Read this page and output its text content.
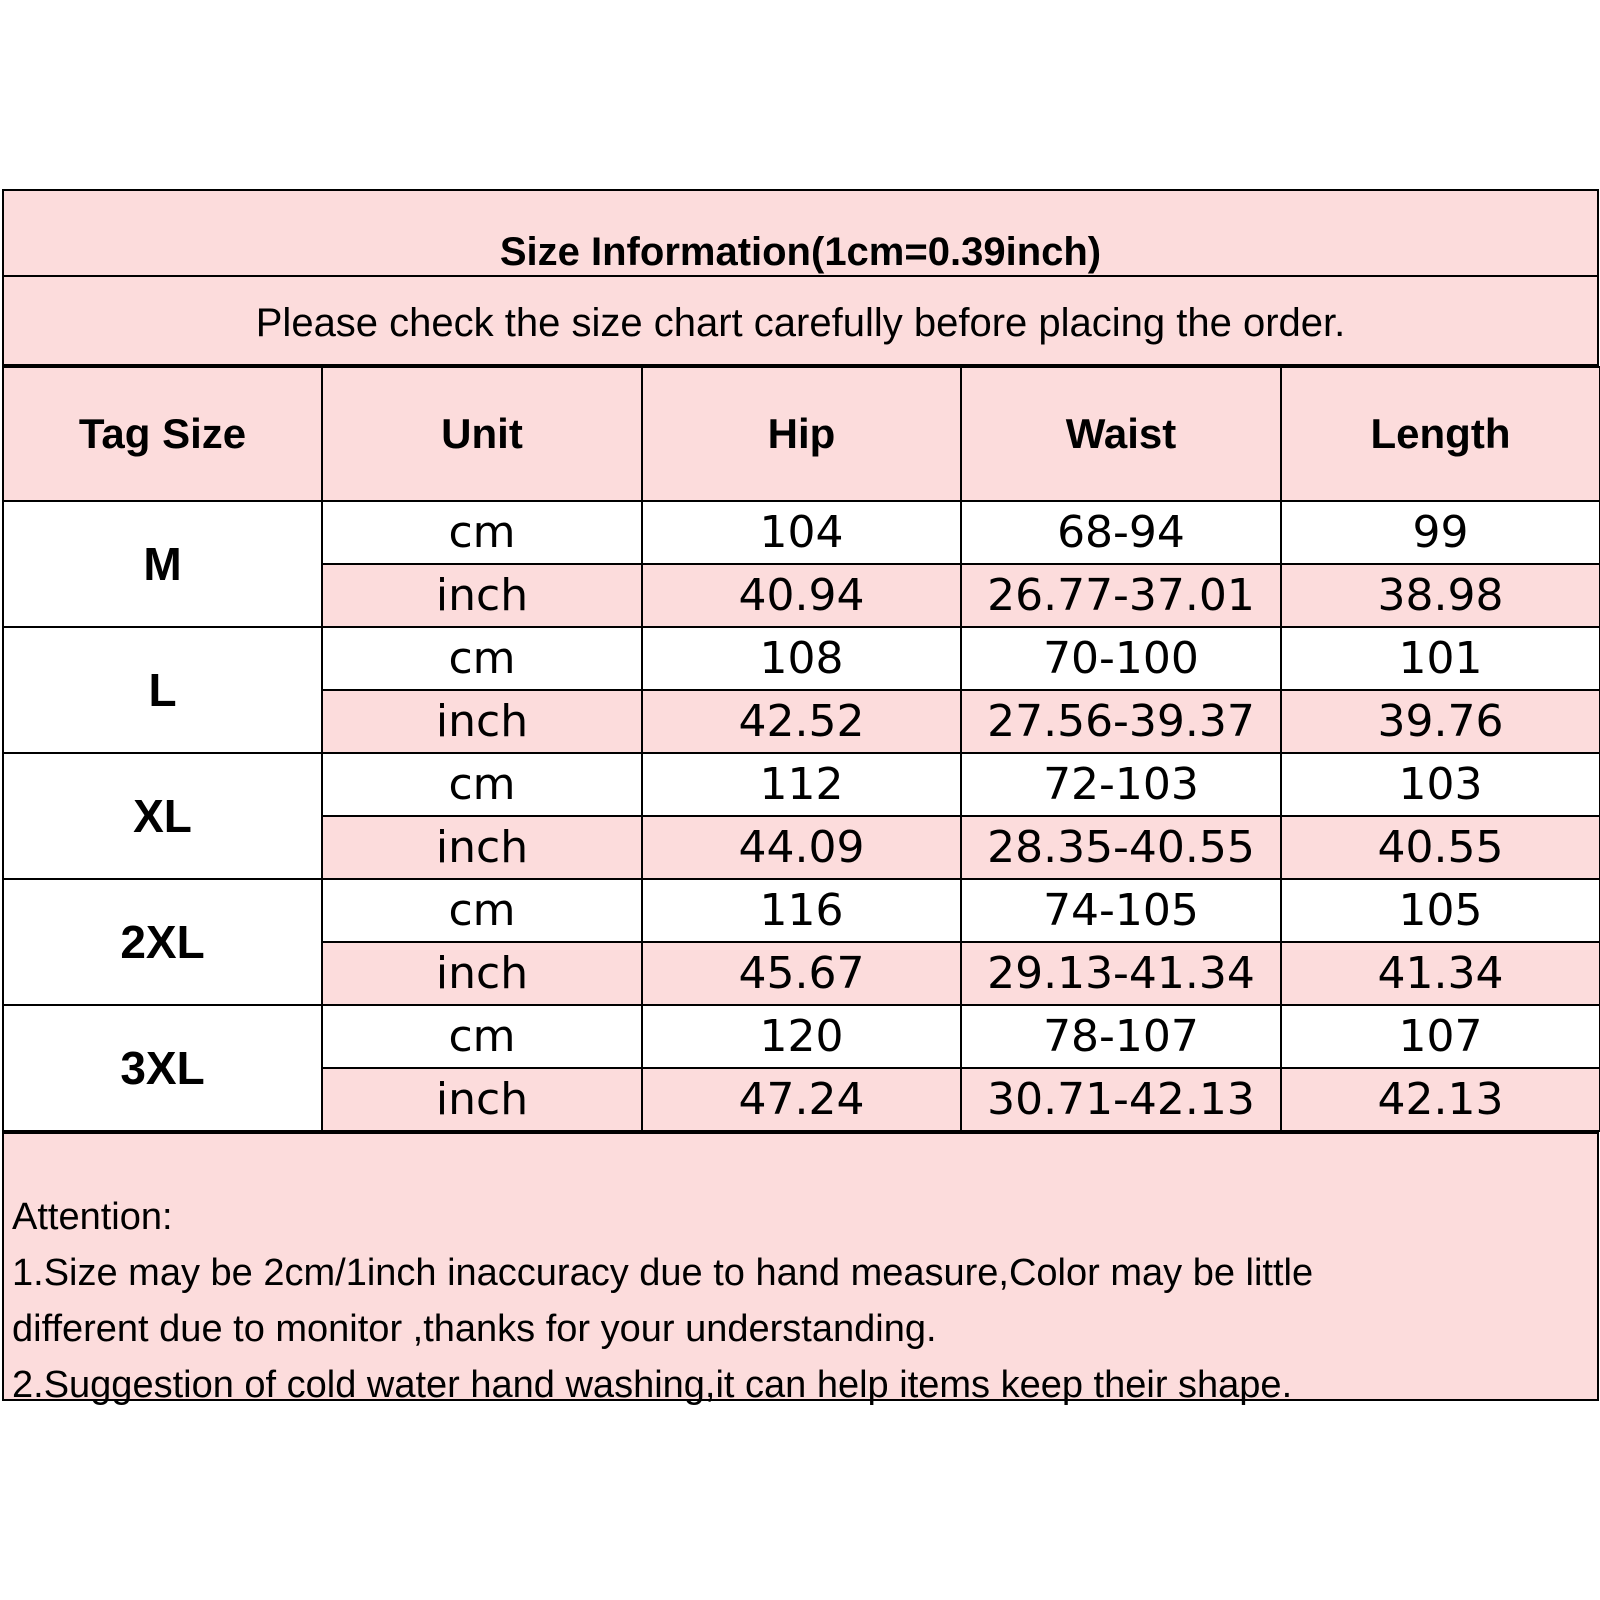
Size Information(1cm=0.39inch)
Please check the size chart carefully before placing the order.
Tag Size	Unit	Hip	Waist	Length
M	cm	104	68-94	99
	inch	40.94	26.77-37.01	38.98
L	cm	108	70-100	101
	inch	42.52	27.56-39.37	39.76
XL	cm	112	72-103	103
	inch	44.09	28.35-40.55	40.55
2XL	cm	116	74-105	105
	inch	45.67	29.13-41.34	41.34
3XL	cm	120	78-107	107
	inch	47.24	30.71-42.13	42.13
Attention:
1.Size may be 2cm/1inch inaccuracy due to hand measure,Color may be little
different due to monitor ,thanks for your understanding.
2.Suggestion of cold water hand washing,it can help items keep their shape.
